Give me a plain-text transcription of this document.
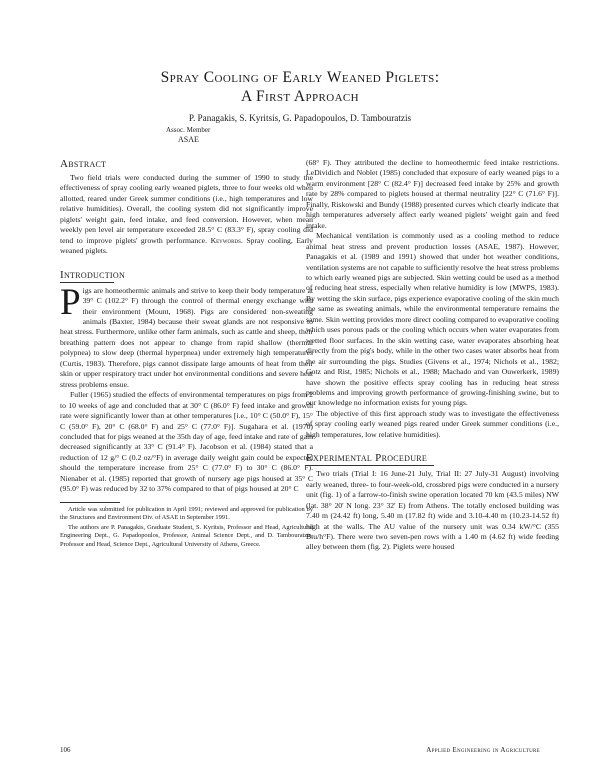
Spray Cooling of Early Weaned Piglets:
A First Approach
P. Panagakis, S. Kyritsis, G. Papadopoulos, D. Tambouratzis
Assoc. Member
ASAE
Abstract

Two field trials were conducted during the summer of 1990 to study the effectiveness of spray cooling early weaned piglets, three to four weeks old when allotted, reared under Greek summer conditions (i.e., high temperatures and low relative humidities). Overall, the cooling system did not significantly improve piglets' weight gain, feed intake, and feed conversion. However, when mean weekly pen level air temperature exceeded 28.5° C (83.3° F), spray cooling did tend to improve piglets' growth performance. Keywords. Spray cooling, Early weaned piglets.

Introduction

Pigs are homeothermic animals and strive to keep their body temperature at 39° C (102.2° F) through the control of thermal energy exchange with their environment (Mount, 1968). Pigs are considered non-sweating animals (Baxter, 1984) because their sweat glands are not responsive to heat stress. Furthermore, unlike other farm animals, such as cattle and sheep, their breathing pattern does not appear to change from rapid shallow (thermal polypnea) to slow deep (thermal hyperpnea) under extremely high temperatures (Curtis, 1983). Therefore, pigs cannot dissipate large amounts of heat from their skin or upper respiratory tract under hot environmental conditions and severe heat stress problems ensue.

Fuller (1965) studied the effects of environmental temperatures on pigs from 2 to 10 weeks of age and concluded that at 30° C (86.0° F) feed intake and growth rate were significantly lower than at other temperatures [i.e., 10° C (50.0° F), 15° C (59.0° F), 20° C (68.0° F) and 25° C (77.0° F)]. Sugahara et al. (1970) concluded that for pigs weaned at the 35th day of age, feed intake and rate of gain decreased significantly at 33° C (91.4° F). Jacobson et al. (1984) stated that a reduction of 12 g/° C (0.2 oz/°F) in average daily weight gain could be expected should the temperature increase from 25° C (77.0° F) to 30° C (86.0° F). Nienaber et al. (1985) reported that growth of nursery age pigs housed at 35° C (95.0° F) was reduced by 32 to 37% compared to that of pigs housed at 20° C

Article was submitted for publication in April 1991; reviewed and approved for publication by the Structures and Environment Div. of ASAE in September 1991.

The authors are P. Panagakis, Graduate Student, S. Kyritsis, Professor and Head, Agricultural Engineering Dept., G. Papadopoulos, Professor, Animal Science Dept., and D. Tambouratzis, Professor and Head, Science Dept., Agricultural University of Athens, Greece.

(68° F). They attributed the decline to homeothermic feed intake restrictions. LeDividich and Noblet (1985) concluded that exposure of early weaned pigs to a warm environment [28° C (82.4° F)] decreased feed intake by 25% and growth rate by 28% compared to piglets housed at thermal neutrality [22° C (71.6° F)]. Finally, Riskowski and Bundy (1988) presented curves which clearly indicate that high temperatures adversely affect early weaned piglets' weight gain and feed intake.

Mechanical ventilation is commonly used as a cooling method to reduce animal heat stress and prevent production losses (ASAE, 1987). However, Panagakis et al. (1989 and 1991) showed that under hot weather conditions, ventilation systems are not capable to sufficiently resolve the heat stress problems to which early weaned pigs are subjected. Skin wetting could be used as a method of reducing heat stress, especially when relative humidity is low (MWPS, 1983). By wetting the skin surface, pigs experience evaporative cooling of the skin much the same as sweating animals, while the environmental temperature remains the same. Skin wetting provides more direct cooling compared to evaporative cooling which uses porous pads or the cooling which occurs when water evaporates from wetted floor surfaces. In the skin wetting case, water evaporates absorbing heat directly from the pig's body, while in the other two cases water absorbs heat from the air surrounding the pigs. Studies (Givens et al., 1974; Nichols et al., 1982; Gotz and Rist, 1985; Nichols et al., 1988; Machado and van Ouwerkerk, 1989) have shown the positive effects spray cooling has in reducing heat stress problems and improving growth performance of growing-finishing swine, but to our knowledge no information exists for young pigs.

The objective of this first approach study was to investigate the effectiveness of spray cooling early weaned pigs reared under Greek summer conditions (i.e., high temperatures, low relative humidities).

Experimental Procedure

Two trials (Trial I: 16 June-21 July, Trial II: 27 July-31 August) involving early weaned, three- to four-week-old, crossbred pigs were conducted in a nursery unit (fig. 1) of a farrow-to-finish swine operation located 70 km (43.5 miles) NW (lat. 38° 20' N long. 23° 32' E) from Athens. The totally enclosed building was 7.40 m (24.42 ft) long, 5.40 m (17.82 ft) wide and 3.10-4.40 m (10.23-14.52 ft) high at the walls. The AU value of the nursery unit was 0.34 kW/°C (355 Btu/h°F). There were two seven-pen rows with a 1.40 m (4.62 ft) wide feeding alley between them (fig. 2). Piglets were housed

106	Applied Engineering in Agriculture
